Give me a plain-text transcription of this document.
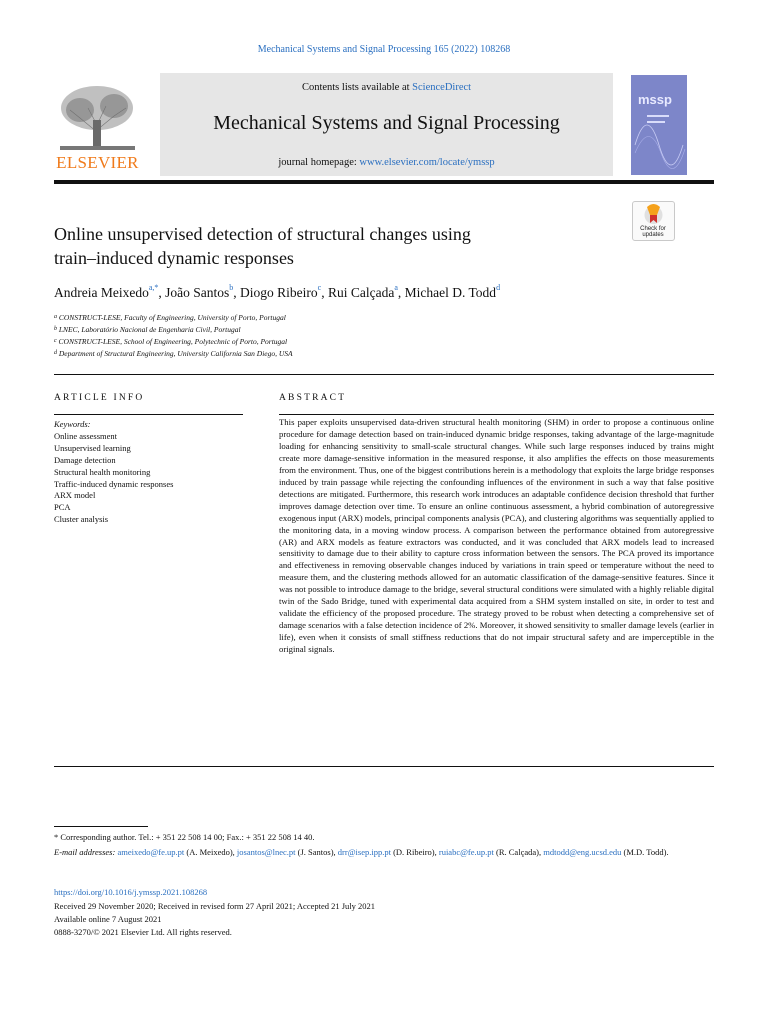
Mechanical Systems and Signal Processing 165 (2022) 108268
ELSEVIER
Contents lists available at ScienceDirect
Mechanical Systems and Signal Processing
journal homepage: www.elsevier.com/locate/ymssp
mssp
Check for updates
Online unsupervised detection of structural changes using
train–induced dynamic responses
Andreia Meixedo$^{a,*}$, João Santos$^b$, Diogo Ribeiro$^c$, Rui Calçada$^a$, Michael D. Todd$^d$
$^a$ CONSTRUCT-LESE, Faculty of Engineering, University of Porto, Portugal
$^b$ LNEC, Laboratório Nacional de Engenharia Civil, Portugal
$^c$ CONSTRUCT-LESE, School of Engineering, Polytechnic of Porto, Portugal
$^d$ Department of Structural Engineering, University California San Diego, USA
ARTICLE INFO
Keywords:
Online assessment
Unsupervised learning
Damage detection
Structural health monitoring
Traffic-induced dynamic responses
ARX model
PCA
Cluster analysis
ABSTRACT
This paper exploits unsupervised data-driven structural health monitoring (SHM) in order to propose a continuous online procedure for damage detection based on train-induced dynamic bridge responses, taking advantage of the large-magnitude loading for enhancing sensitivity to small-scale structural changes. While such large responses induced by trains might create more damage-sensitive information in the measured response, it also amplifies the effects on those measurements from the environment. Thus, one of the biggest contributions herein is a methodology that exploits the large bridge responses induced by train passage while rejecting the confounding influences of the environment in such a way that false positive detections are mitigated. Furthermore, this research work introduces an adaptable confidence decision threshold that further improves damage detection over time. To ensure an online continuous assessment, a hybrid combination of autoregressive exogenous input (ARX) models, principal components analysis (PCA), and clustering algorithms was sequentially applied to the monitoring data, in a moving window process. A comparison between the performance obtained from autoregressive (AR) and ARX models as feature extractors was conducted, and it was concluded that ARX models lead to increased sensitivity to damage due to their ability to capture cross information between the sensors. The PCA proved its importance and effectiveness in removing observable changes induced by variations in train speed or temperature without the need to measure them, and the clustering methods allowed for an automatic classification of the damage-sensitive features. Since it was not possible to introduce damage to the bridge, several structural conditions were simulated with a highly reliable digital twin of the Sado Bridge, tuned with experimental data acquired from a SHM system installed on site, in order to test and validate the efficiency of the proposed procedure. The strategy proved to be robust when detecting a comprehensive set of damage scenarios with a false detection incidence of 2%. Moreover, it showed sensitivity to smaller damage levels (earlier in life), even when it consists of small stiffness reductions that do not impair structural safety and are imperceptible in the original signals.
* Corresponding author. Tel.: + 351 22 508 14 00; Fax.: + 351 22 508 14 40.
E-mail addresses: ameixedo@fe.up.pt (A. Meixedo), josantos@lnec.pt (J. Santos), drr@isep.ipp.pt (D. Ribeiro), ruiabc@fe.up.pt (R. Calçada), mdtodd@eng.ucsd.edu (M.D. Todd).
https://doi.org/10.1016/j.ymssp.2021.108268
Received 29 November 2020; Received in revised form 27 April 2021; Accepted 21 July 2021
Available online 7 August 2021
0888-3270/© 2021 Elsevier Ltd. All rights reserved.
